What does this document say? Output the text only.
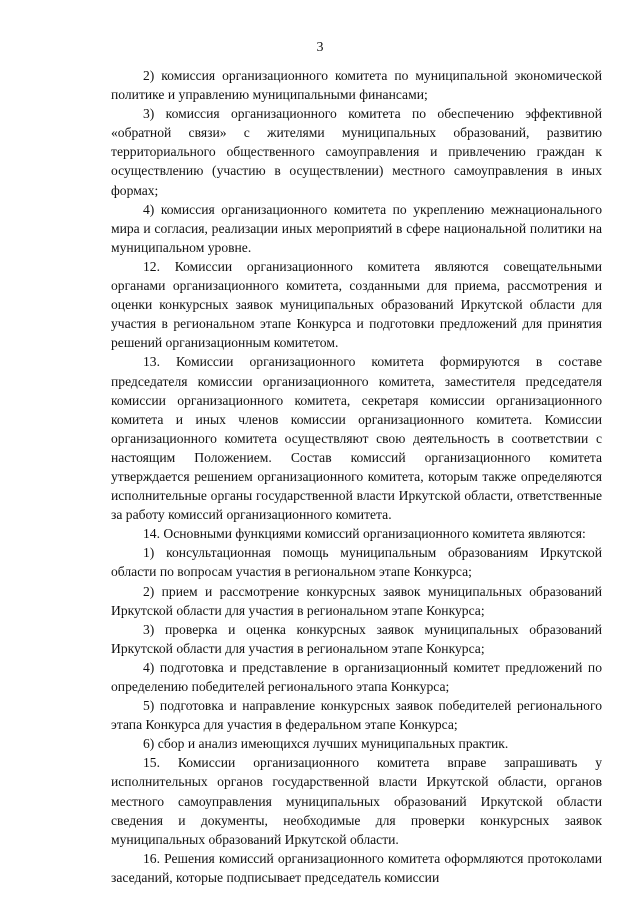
3

2) комиссия организационного комитета по муниципальной экономической политике и управлению муниципальными финансами;

3) комиссия организационного комитета по обеспечению эффективной «обратной связи» с жителями муниципальных образований, развитию территориального общественного самоуправления и привлечению граждан к осуществлению (участию в осуществлении) местного самоуправления в иных формах;

4) комиссия организационного комитета по укреплению межнационального мира и согласия, реализации иных мероприятий в сфере национальной политики на муниципальном уровне.

12. Комиссии организационного комитета являются совещательными органами организационного комитета, созданными для приема, рассмотрения и оценки конкурсных заявок муниципальных образований Иркутской области для участия в региональном этапе Конкурса и подготовки предложений для принятия решений организационным комитетом.

13. Комиссии организационного комитета формируются в составе председателя комиссии организационного комитета, заместителя председателя комиссии организационного комитета, секретаря комиссии организационного комитета и иных членов комиссии организационного комитета. Комиссии организационного комитета осуществляют свою деятельность в соответствии с настоящим Положением. Состав комиссий организационного комитета утверждается решением организационного комитета, которым также определяются исполнительные органы государственной власти Иркутской области, ответственные за работу комиссий организационного комитета.

14. Основными функциями комиссий организационного комитета являются:

1) консультационная помощь муниципальным образованиям Иркутской области по вопросам участия в региональном этапе Конкурса;

2) прием и рассмотрение конкурсных заявок муниципальных образований Иркутской области для участия в региональном этапе Конкурса;

3) проверка и оценка конкурсных заявок муниципальных образований Иркутской области для участия в региональном этапе Конкурса;

4) подготовка и представление в организационный комитет предложений по определению победителей регионального этапа Конкурса;

5) подготовка и направление конкурсных заявок победителей регионального этапа Конкурса для участия в федеральном этапе Конкурса;

6) сбор и анализ имеющихся лучших муниципальных практик.

15. Комиссии организационного комитета вправе запрашивать у исполнительных органов государственной власти Иркутской области, органов местного самоуправления муниципальных образований Иркутской области сведения и документы, необходимые для проверки конкурсных заявок муниципальных образований Иркутской области.

16. Решения комиссий организационного комитета оформляются протоколами заседаний, которые подписывает председатель комиссии
